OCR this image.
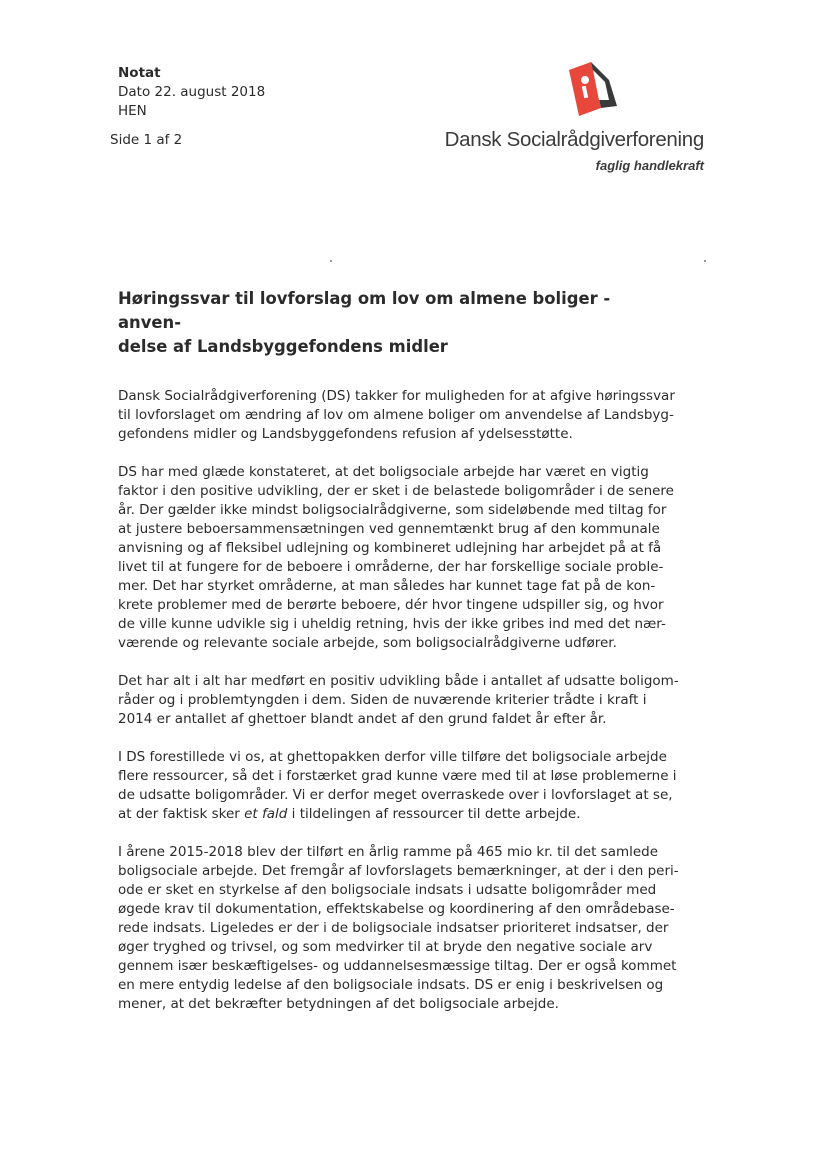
Notat
Dato 22. august 2018
HEN
Side 1 af 2	Dansk Socialrådgiverforening
faglig handlekraft
Høringssvar til lovforslag om lov om almene boliger - anven-
delse af Landsbyggefondens midler

Dansk Socialrådgiverforening (DS) takker for muligheden for at afgive høringssvar
til lovforslaget om ændring af lov om almene boliger om anvendelse af Landsbyg-
gefondens midler og Landsbyggefondens refusion af ydelsesstøtte.

DS har med glæde konstateret, at det boligsociale arbejde har været en vigtig
faktor i den positive udvikling, der er sket i de belastede boligområder i de senere
år. Der gælder ikke mindst boligsocialrådgiverne, som sideløbende med tiltag for
at justere beboersammensætningen ved gennemtænkt brug af den kommunale
anvisning og af fleksibel udlejning og kombineret udlejning har arbejdet på at få
livet til at fungere for de beboere i områderne, der har forskellige sociale proble-
mer. Det har styrket områderne, at man således har kunnet tage fat på de kon-
krete problemer med de berørte beboere, dér hvor tingene udspiller sig, og hvor
de ville kunne udvikle sig i uheldig retning, hvis der ikke gribes ind med det nær-
værende og relevante sociale arbejde, som boligsocialrådgiverne udfører.

Det har alt i alt har medført en positiv udvikling både i antallet af udsatte boligom-
råder og i problemtyngden i dem. Siden de nuværende kriterier trådte i kraft i
2014 er antallet af ghettoer blandt andet af den grund faldet år efter år.

I DS forestillede vi os, at ghettopakken derfor ville tilføre det boligsociale arbejde
flere ressourcer, så det i forstærket grad kunne være med til at løse problemerne i
de udsatte boligområder. Vi er derfor meget overraskede over i lovforslaget at se,
at der faktisk sker et fald i tildelingen af ressourcer til dette arbejde.

I årene 2015-2018 blev der tilført en årlig ramme på 465 mio kr. til det samlede
boligsociale arbejde. Det fremgår af lovforslagets bemærkninger, at der i den peri-
ode er sket en styrkelse af den boligsociale indsats i udsatte boligområder med
øgede krav til dokumentation, effektskabelse og koordinering af den områdebase-
rede indsats. Ligeledes er der i de boligsociale indsatser prioriteret indsatser, der
øger tryghed og trivsel, og som medvirker til at bryde den negative sociale arv
gennem især beskæftigelses- og uddannelsesmæssige tiltag. Der er også kommet
en mere entydig ledelse af den boligsociale indsats. DS er enig i beskrivelsen og
mener, at det bekræfter betydningen af det boligsociale arbejde.
